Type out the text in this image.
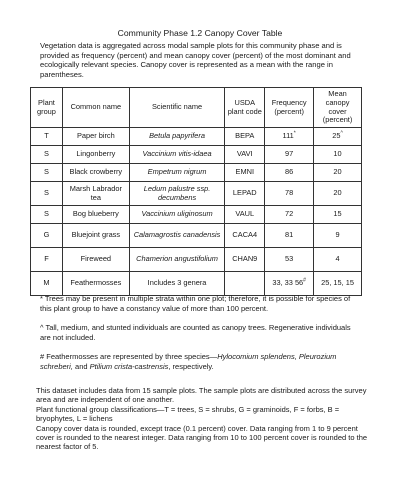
Community Phase 1.2 Canopy Cover Table
Vegetation data is aggregated across modal sample plots for this community phase and is provided as frequency (percent) and mean canopy cover (percent) of the most dominant and ecologically relevant species. Canopy cover is represented as a mean with the range in parentheses.
Plant group	Common name	Scientific name	USDA plant code	Frequency (percent)	Mean canopy cover (percent)
T	Paper birch	Betula papyrifera	BEPA	111*	25^
S	Lingonberry	Vaccinium vitis-idaea	VAVI	97	10
S	Black crowberry	Empetrum nigrum	EMNI	86	20
S	Marsh Labrador tea	Ledum palustre ssp. decumbens	LEPAD	78	20
S	Bog blueberry	Vaccinium uliginosum	VAUL	72	15
G	Bluejoint grass	Calamagrostis canadensis	CACA4	81	9
F	Fireweed	Chamerion angustifolium	CHAN9	53	4
M	Feathermosses	Includes 3 genera		33, 33 56#	25, 15, 15
* Trees may be present in multiple strata within one plot; therefore, it is possible for species of this plant group to have a constancy value of more than 100 percent.
^ Tall, medium, and stunted individuals are counted as canopy trees. Regenerative individuals are not included.
# Feathermosses are represented by three species—Hylocomium splendens, Pleurozium schreberi, and Ptilium crista-castrensis, respectively.
This dataset includes data from 15 sample plots. The sample plots are distributed across the survey area and are independent of one another.
Plant functional group classifications—T = trees, S = shrubs, G = graminoids, F = forbs, B = bryophytes, L = lichens
Canopy cover data is rounded, except trace (0.1 percent) cover. Data ranging from 1 to 9 percent cover is rounded to the nearest integer. Data ranging from 10 to 100 percent cover is rounded to the nearest factor of 5.
